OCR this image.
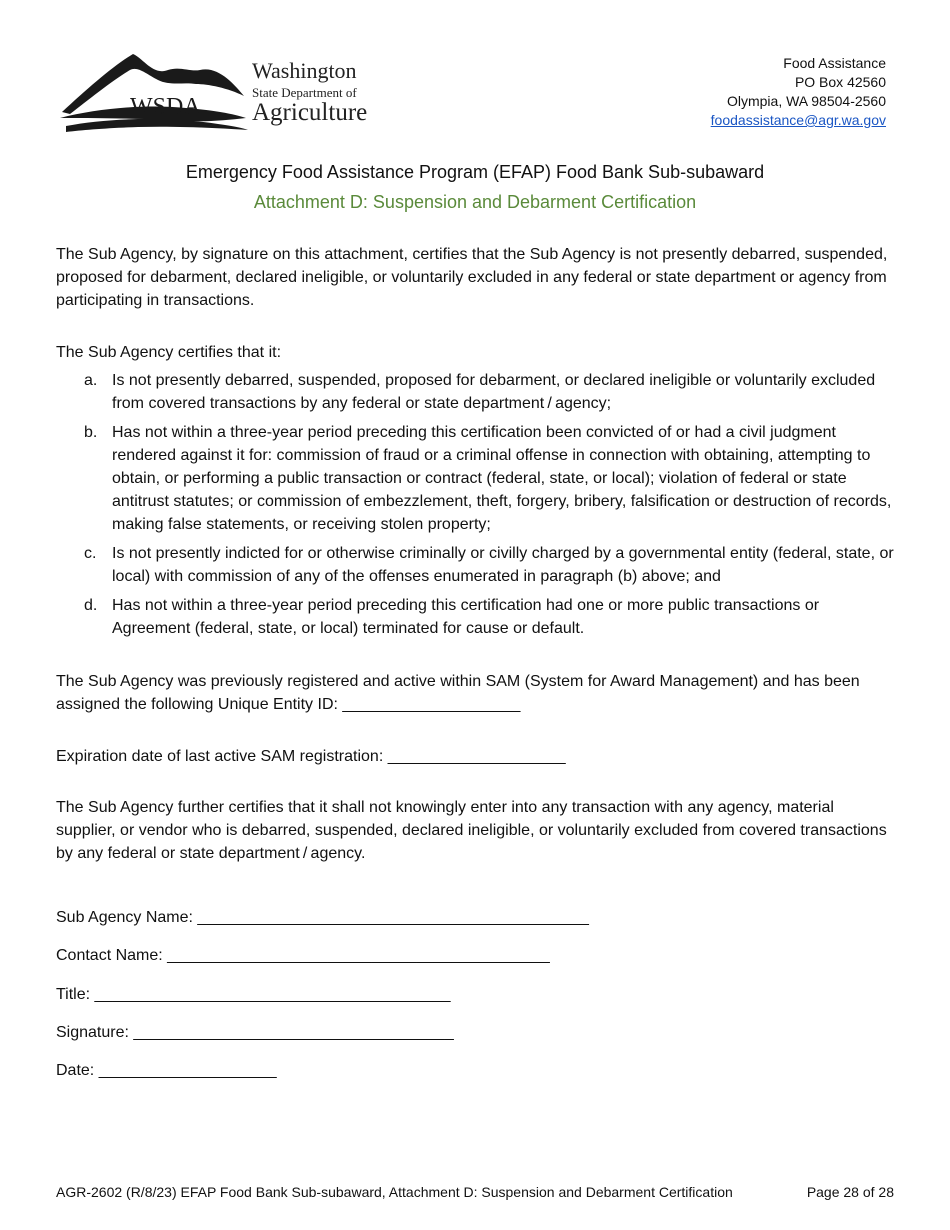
WSDA
Washington
State Department of
Agriculture
Food Assistance
PO Box 42560
Olympia, WA 98504-2560
foodassistance@agr.wa.gov
Emergency Food Assistance Program (EFAP) Food Bank Sub-subaward
Attachment D: Suspension and Debarment Certification
The Sub Agency, by signature on this attachment, certifies that the Sub Agency is not presently debarred, suspended, proposed for debarment, declared ineligible, or voluntarily excluded in any federal or state department or agency from participating in transactions.
The Sub Agency certifies that it:
a. Is not presently debarred, suspended, proposed for debarment, or declared ineligible or voluntarily excluded from covered transactions by any federal or state department / agency;
b. Has not within a three-year period preceding this certification been convicted of or had a civil judgment rendered against it for: commission of fraud or a criminal offense in connection with obtaining, attempting to obtain, or performing a public transaction or contract (federal, state, or local); violation of federal or state antitrust statutes; or commission of embezzlement, theft, forgery, bribery, falsification or destruction of records, making false statements, or receiving stolen property;
c. Is not presently indicted for or otherwise criminally or civilly charged by a governmental entity (federal, state, or local) with commission of any of the offenses enumerated in paragraph (b) above; and
d. Has not within a three-year period preceding this certification had one or more public transactions or Agreement (federal, state, or local) terminated for cause or default.
The Sub Agency was previously registered and active within SAM (System for Award Management) and has been assigned the following Unique Entity ID: ____________________
Expiration date of last active SAM registration: ____________________
The Sub Agency further certifies that it shall not knowingly enter into any transaction with any agency, material supplier, or vendor who is debarred, suspended, declared ineligible, or voluntarily excluded from covered transactions by any federal or state department / agency.
Sub Agency Name: ____________________________________________
Contact Name: ___________________________________________
Title: ________________________________________
Signature: ____________________________________
Date: ____________________
AGR-2602 (R/8/23) EFAP Food Bank Sub-subaward, Attachment D: Suspension and Debarment Certification	Page 28 of 28
